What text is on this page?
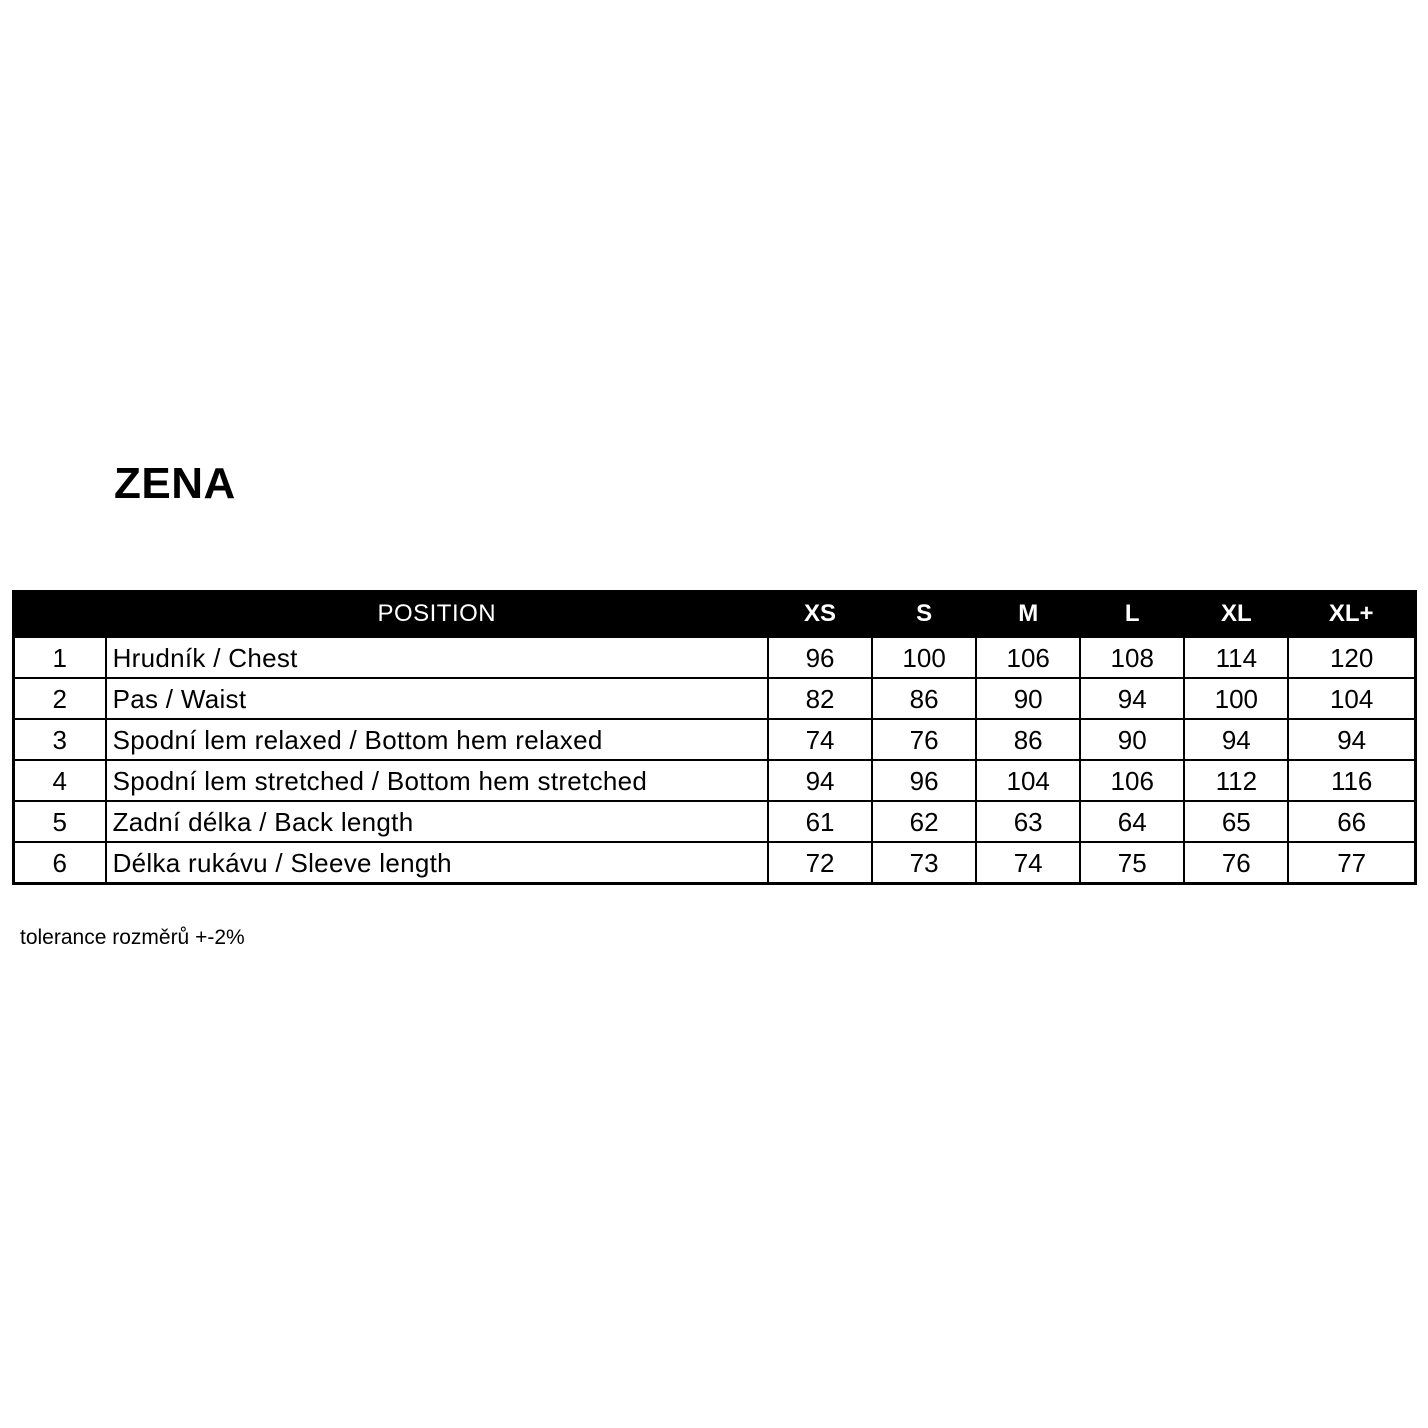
ZENA
	POSITION	XS	S	M	L	XL	XL+
1	Hrudník / Chest	96	100	106	108	114	120
2	Pas / Waist	82	86	90	94	100	104
3	Spodní lem relaxed / Bottom hem relaxed	74	76	86	90	94	94
4	Spodní lem stretched / Bottom hem stretched	94	96	104	106	112	116
5	Zadní délka / Back length	61	62	63	64	65	66
6	Délka rukávu / Sleeve length	72	73	74	75	76	77
tolerance rozměrů +-2%
